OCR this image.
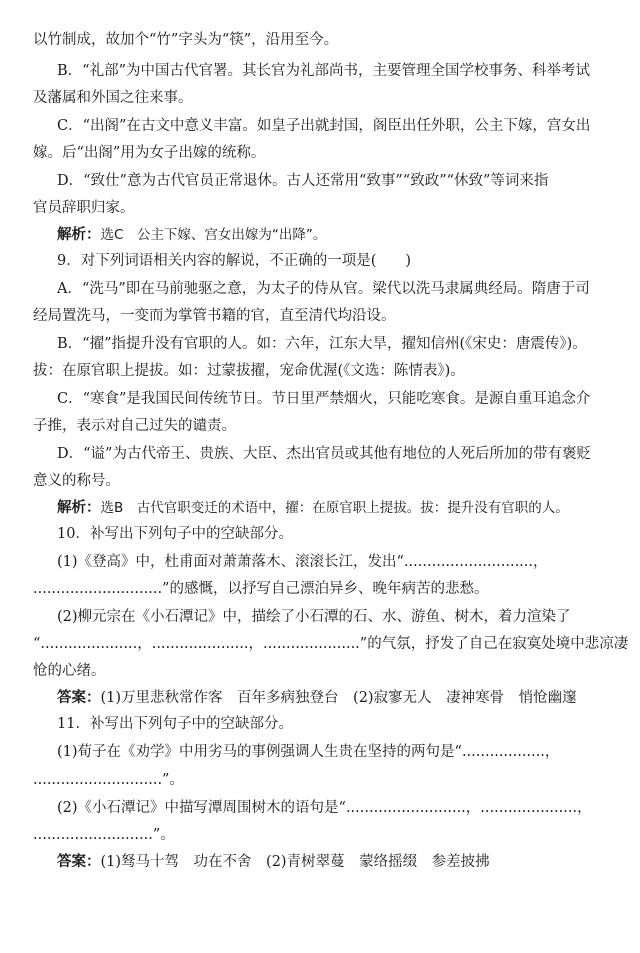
以竹制成，故加个“竹”字头为“筷”，沿用至今。
B．“礼部”为中国古代官署。其长官为礼部尚书，主要管理全国学校事务、科举考试
及藩属和外国之往来事。
C．“出阁”在古文中意义丰富。如皇子出就封国，阁臣出任外职，公主下嫁，宫女出
嫁。后“出阁”用为女子出嫁的统称。
D．“致仕”意为古代官员正常退休。古人还常用“致事”“致政”“休致”等词来指
官员辞职归家。
解析：选C　公主下嫁、宫女出嫁为“出降”。
9．对下列词语相关内容的解说，不正确的一项是(　　)
A．“洗马”即在马前驰驱之意，为太子的侍从官。梁代以洗马隶属典经局。隋唐于司
经局置洗马，一变而为掌管书籍的官，直至清代均沿设。
B．“擢”指提升没有官职的人。如：六年，江东大旱，擢知信州(《宋史：唐震传》)。
拔：在原官职上提拔。如：过蒙拔擢，宠命优渥(《文选：陈情表》)。
C．“寒食”是我国民间传统节日。节日里严禁烟火，只能吃寒食。是源自重耳追念介
子推，表示对自己过失的谴责。
D．“谥”为古代帝王、贵族、大臣、杰出官员或其他有地位的人死后所加的带有褒贬
意义的称号。
解析：选B　古代官职变迁的术语中，擢：在原官职上提拔。拔：提升没有官职的人。
10．补写出下列句子中的空缺部分。
(1)《登高》中，杜甫面对萧萧落木、滚滚长江，发出“............................，
............................”的感慨，以抒写自己漂泊异乡、晚年病苦的悲愁。
(2)柳元宗在《小石潭记》中，描绘了小石潭的石、水、游鱼、树木，着力渲染了
“.....................，.....................，.....................”的气氛，抒发了自己在寂寞处境中悲凉凄
怆的心绪。
答案：(1)万里悲秋常作客　百年多病独登台　(2)寂寥无人　凄神寒骨　悄怆幽邃
11．补写出下列句子中的空缺部分。
(1)荀子在《劝学》中用劣马的事例强调人生贵在坚持的两句是“..................，
............................”。
(2)《小石潭记》中描写潭周围树木的语句是“..........................，.....................，
..........................”。
答案：(1)驽马十驾　功在不舍　(2)青树翠蔓　蒙络摇缀　参差披拂
